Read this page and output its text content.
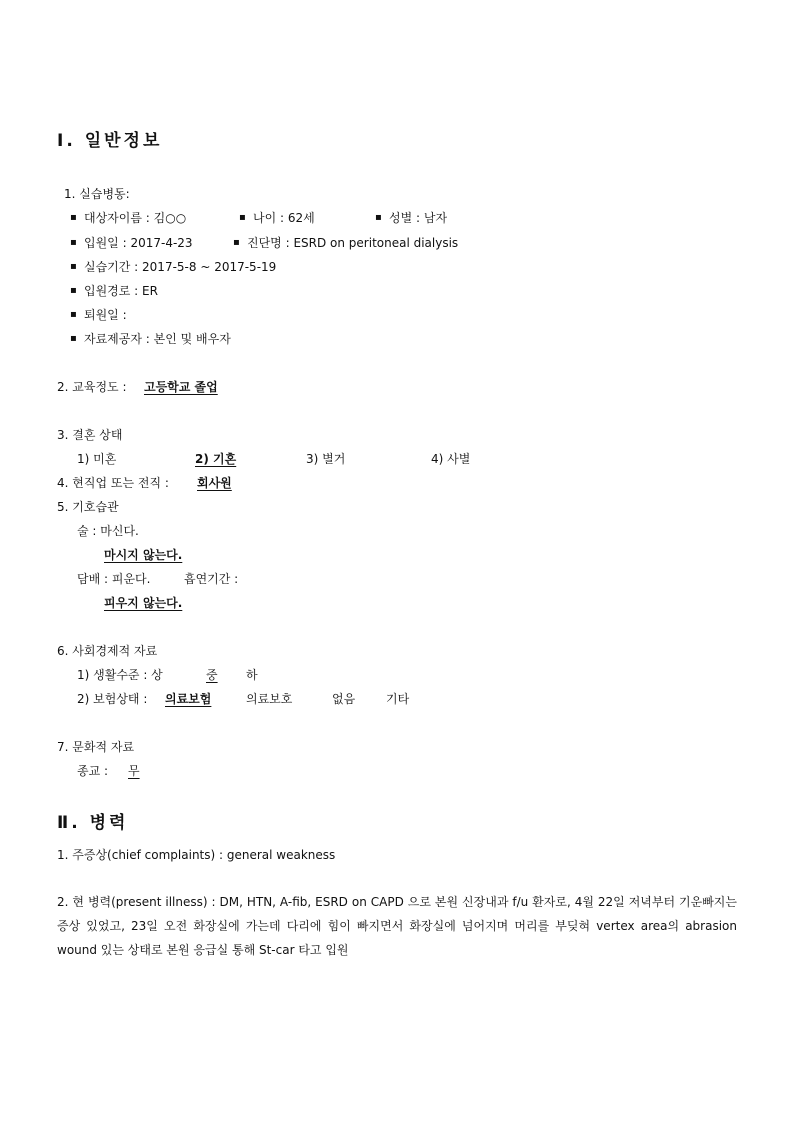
Ⅰ. 일반정보
1. 실습병동:
▪ 대상자이름 : 김○○	▪ 나이 : 62세	▪ 성별 : 남자
▪ 입원일 : 2017-4-23	▪ 진단명 : ESRD on peritoneal dialysis
▪ 실습기간 : 2017-5-8 ~ 2017-5-19
▪ 입원경로 : ER
▪ 퇴원일 :
▪ 자료제공자 : 본인 및 배우자
2. 교육정도 : 고등학교 졸업
3. 결혼 상태
1) 미혼	2) 기혼	3) 별거	4) 사별
4. 현직업 또는 전직 : 회사원
5. 기호습관
술 : 마신다.
마시지 않는다.
담배 : 피운다.	흡연기간 :
피우지 않는다.
6. 사회경제적 자료
1) 생활수준 : 상	중 하
2) 보험상태 : 의료보험	의료보호	없음	기타
7. 문화적 자료
종교 : 무
Ⅱ. 병력
1. 주증상(chief complaints) : general weakness
2. 현 병력(present illness) : DM, HTN, A-fib, ESRD on CAPD 으로 본원 신장내과 f/u 환자로, 4월 22일 저녁부터 기운빠지는 증상 있었고, 23일 오전 화장실에 가는데 다리에 힘이 빠지면서 화장실에 넘어지며 머리를 부딪혀 vertex area의 abrasion wound 있는 상태로 본원 응급실 통해 St-car 타고 입원
